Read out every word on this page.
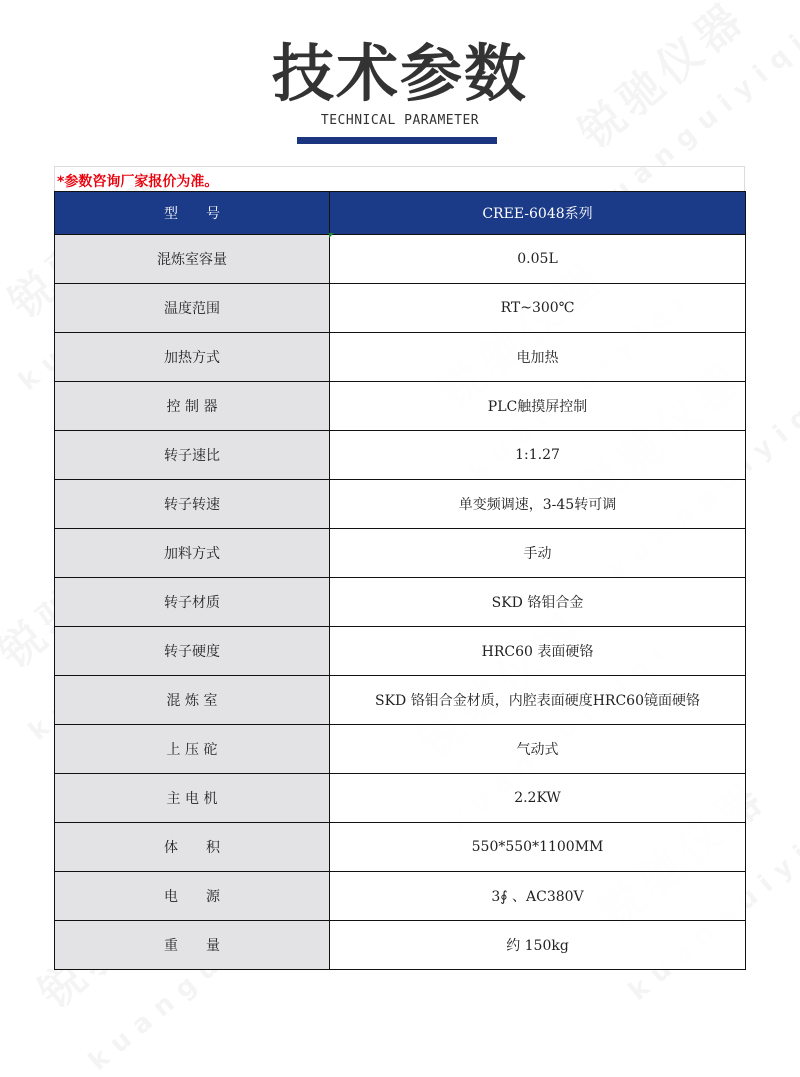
技术参数
TECHNICAL PARAMETER
*参数咨询厂家报价为准。
型　　号	CREE-6048系列
混炼室容量	0.05L
温度范围	RT~300℃
加热方式	电加热
控 制 器	PLC触摸屏控制
转子速比	1:1.27
转子转速	单变频调速，3-45转可调
加料方式	手动
转子材质	SKD 铬钼合金
转子硬度	HRC60 表面硬铬
混 炼 室	SKD 铬钼合金材质，内腔表面硬度HRC60镜面硬铬
上 压 砣	气动式
主 电 机	2.2KW
体　　积	550*550*1100MM
电　　源	3∮ 、AC380V
重　　量	约 150kg
